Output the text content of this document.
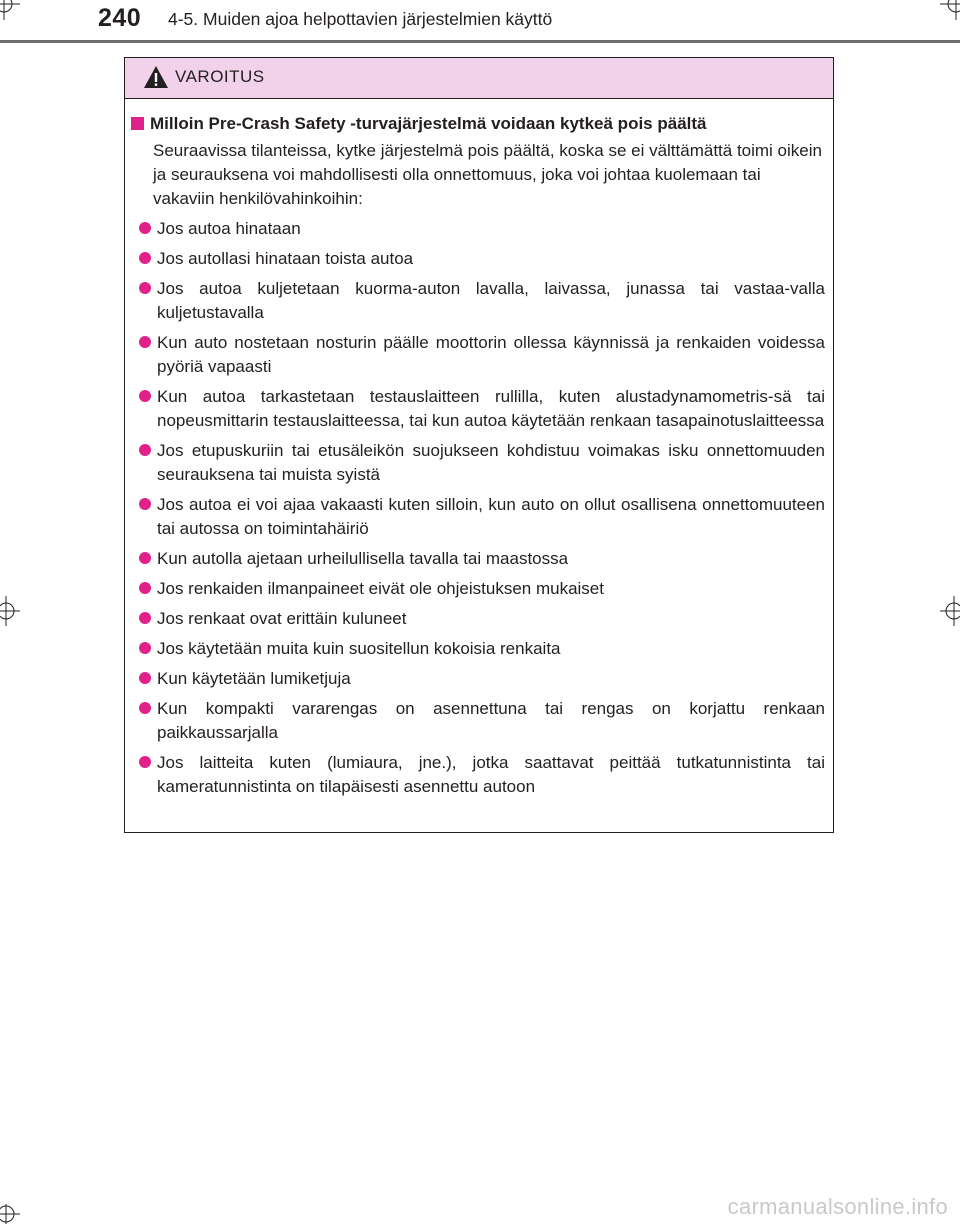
240 4-5. Muiden ajoa helpottavien järjestelmien käyttö
VAROITUS
Milloin Pre-Crash Safety -turvajärjestelmä voidaan kytkeä pois päältä
Seuraavissa tilanteissa, kytke järjestelmä pois päältä, koska se ei välttämättä toimi oikein ja seurauksena voi mahdollisesti olla onnettomuus, joka voi johtaa kuolemaan tai vakaviin henkilövahinkoihin:
Jos autoa hinataan
Jos autollasi hinataan toista autoa
Jos autoa kuljetetaan kuorma-auton lavalla, laivassa, junassa tai vastaa-valla kuljetustavalla
Kun auto nostetaan nosturin päälle moottorin ollessa käynnissä ja renkaiden voidessa pyöriä vapaasti
Kun autoa tarkastetaan testauslaitteen rullilla, kuten alustadynamometris-sä tai nopeusmittarin testauslaitteessa, tai kun autoa käytetään renkaan tasapainotuslaitteessa
Jos etupuskuriin tai etusäleikön suojukseen kohdistuu voimakas isku onnettomuuden seurauksena tai muista syistä
Jos autoa ei voi ajaa vakaasti kuten silloin, kun auto on ollut osallisena onnettomuuteen tai autossa on toimintahäiriö
Kun autolla ajetaan urheilullisella tavalla tai maastossa
Jos renkaiden ilmanpaineet eivät ole ohjeistuksen mukaiset
Jos renkaat ovat erittäin kuluneet
Jos käytetään muita kuin suositellun kokoisia renkaita
Kun käytetään lumiketjuja
Kun kompakti vararengas on asennettuna tai rengas on korjattu renkaan paikkaussarjalla
Jos laitteita kuten (lumiaura, jne.), jotka saattavat peittää tutkatunnistinta tai kameratunnistinta on tilapäisesti asennettu autoon
carmanualsonline.info
